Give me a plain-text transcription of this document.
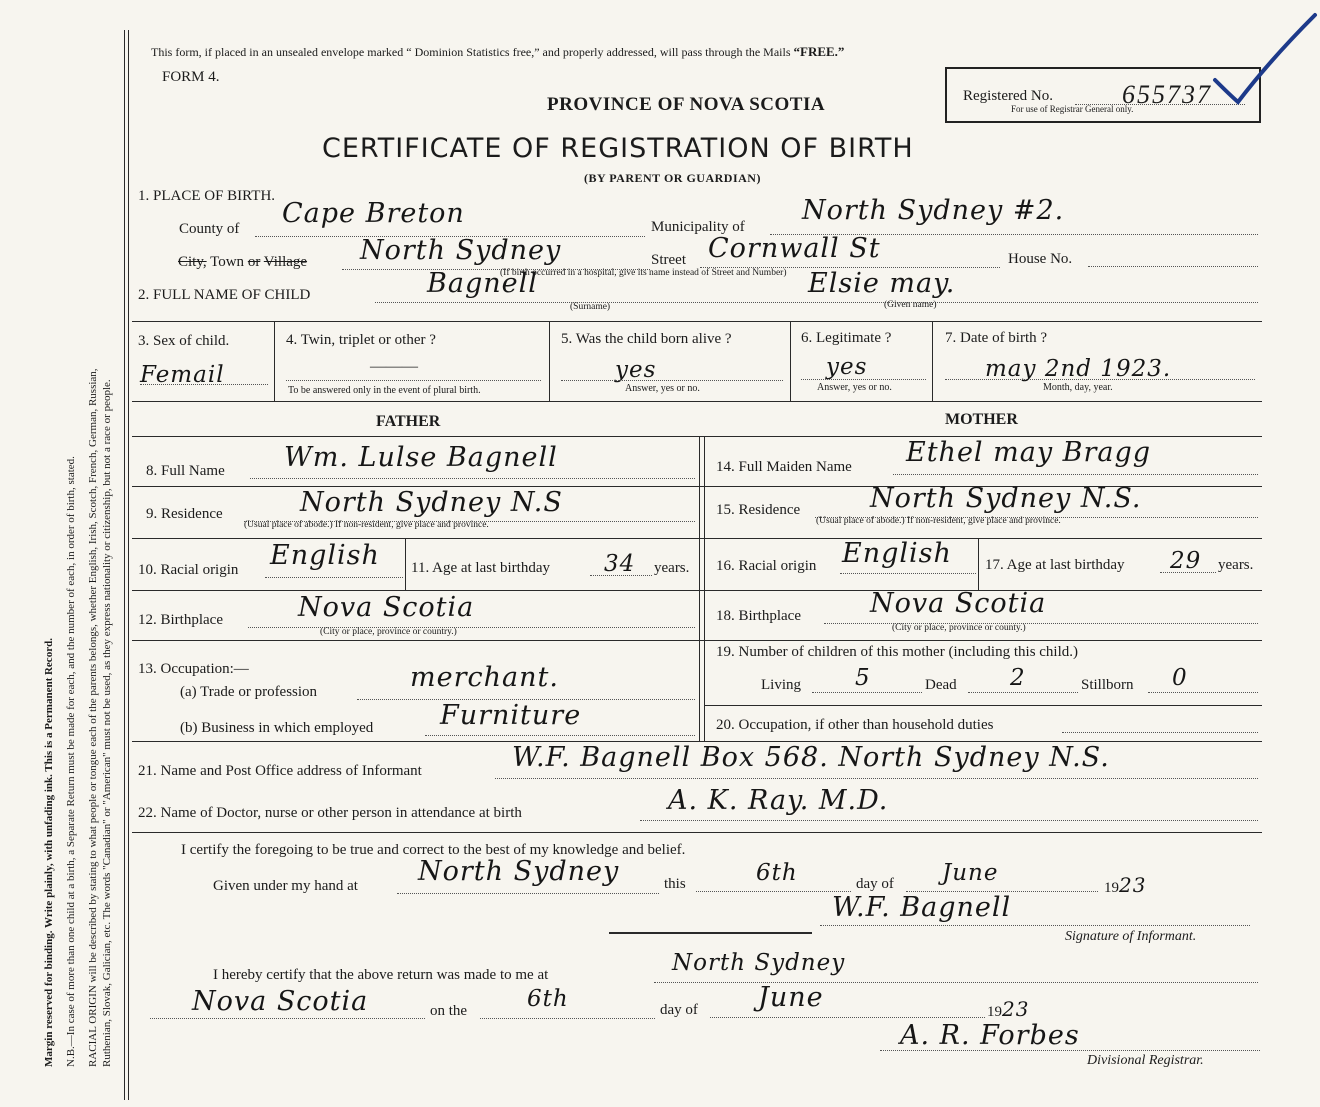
Margin reserved for binding. Write plainly, with unfading ink. This is a Permanent Record. N.B.—In case of more than one child at a birth, a Separate Return must be made for each, and the number of each, in order of birth, stated. RACIAL ORIGIN will be described by stating to what people or tongue each of the parents belongs, whether English, Irish, Scotch, French, German, Russian, Ruthenian, Slovak, Galician, etc. The words "Canadian" or "American" must not be used, as they express nationality or citizenship, but not a race or people.
This form, if placed in an unsealed envelope marked “ Dominion Statistics free,” and properly addressed, will pass through the Mails “FREE.”
FORM 4.
PROVINCE OF NOVA SCOTIA
CERTIFICATE OF REGISTRATION OF BIRTH
(BY PARENT OR GUARDIAN)
Registered No.	655737
For use of Registrar General only.
1. PLACE OF BIRTH.
County of Cape Breton	Municipality of
North Sydney #2.
City, Town or Village North Sydney	Street Cornwall St	House No.
(If birth occurred in a hospital, give its name instead of Street and Number)
2. FULL NAME OF CHILD	Bagnell	Elsie may.
(Surname)	(Given name)
3. Sex of child.
Femail
4. Twin, triplet or other ?
———
To be answered only in the event of plural birth.
5. Was the child born alive ?
yes
Answer, yes or no.
6. Legitimate ?
yes
Answer, yes or no.
7. Date of birth ?
may 2nd 1923.
Month, day, year.
FATHER	MOTHER
8. Full Name Wm. Lulse Bagnell	14. Full Maiden Name Ethel may Bragg
9. Residence	North Sydney N.S
(Usual place of abode.) If non-resident, give place and province.
15. Residence	North Sydney N.S.
(Usual place of abode.) If non-resident, give place and province.
10. Racial origin English 11. Age at last birthday 34 years. 16. Racial origin English 17. Age at last birthday 29 years.
12. Birthplace	Nova Scotia
(City or place, province or country.)
18. Birthplace	Nova Scotia
(City or place, province or county.)
13. Occupation:—
(a) Trade or profession	merchant.
(b) Business in which employed Furniture
19. Number of children of this mother (including this child.)
Living 5	Dead 2	Stillborn 0
20. Occupation, if other than household duties
21. Name and Post Office address of Informant	W.F. Bagnell Box 568. North Sydney N.S.
22. Name of Doctor, nurse or other person in attendance at birth	A. K. Ray. M.D.
I certify the foregoing to be true and correct to the best of my knowledge and belief.
Given under my hand at North Sydney	this	6th	day of June
1923
W.F. Bagnell
Signature of Informant.
I hereby certify that the above return was made to me at	North Sydney
Nova Scotia	on the	6th	day of June	1923
A. R. Forbes
Divisional Registrar.
